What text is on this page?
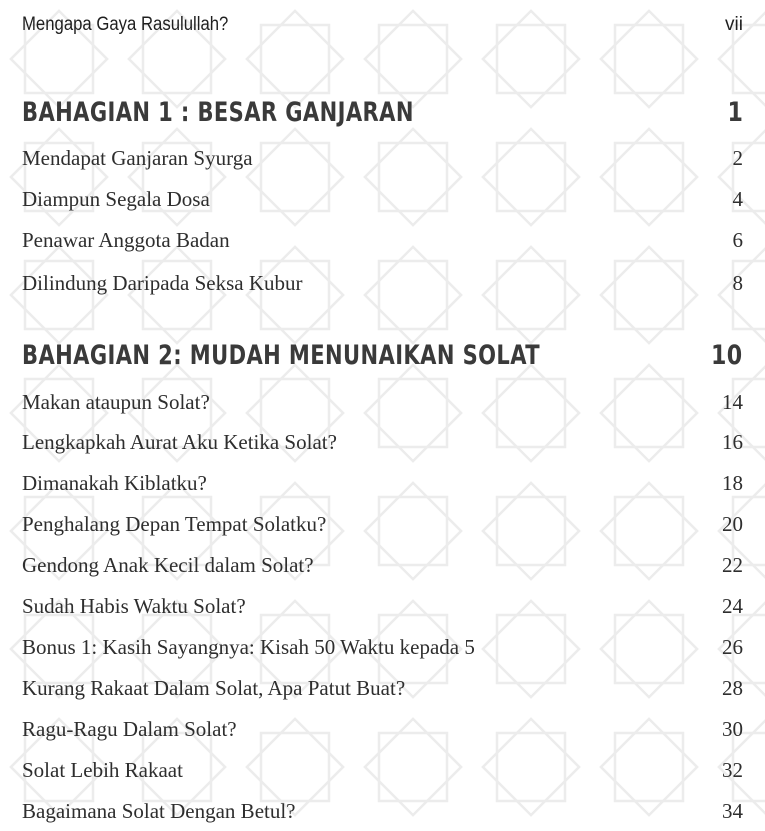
Mengapa Gaya Rasulullah?	vii
BAHAGIAN 1 : BESAR GANJARAN	1
Mendapat Ganjaran Syurga	2
Diampun Segala Dosa	4
Penawar Anggota Badan	6
Dilindung Daripada Seksa Kubur	8
BAHAGIAN 2: MUDAH MENUNAIKAN SOLAT	10
Makan ataupun Solat?	14
Lengkapkah Aurat Aku Ketika Solat?	16
Dimanakah Kiblatku?	18
Penghalang Depan Tempat Solatku?	20
Gendong Anak Kecil dalam Solat?	22
Sudah Habis Waktu Solat?	24
Bonus 1: Kasih Sayangnya: Kisah 50 Waktu kepada 5	26
Kurang Rakaat Dalam Solat, Apa Patut Buat?	28
Ragu-Ragu Dalam Solat?	30
Solat Lebih Rakaat	32
Bagaimana Solat Dengan Betul?	34
